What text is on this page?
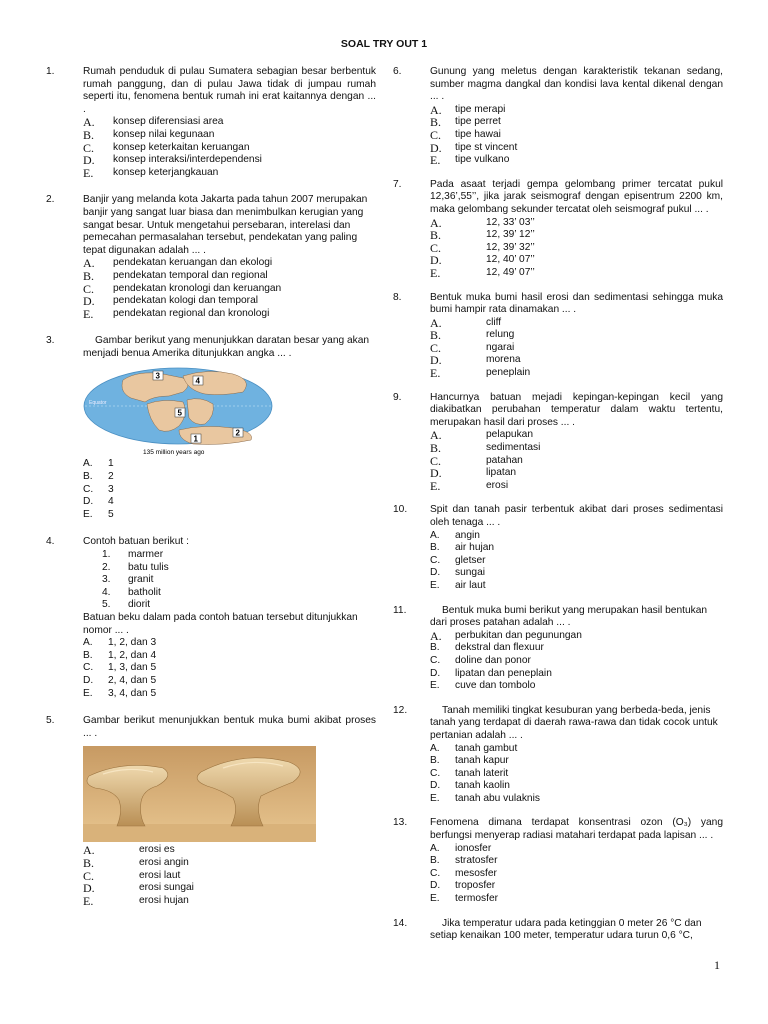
SOAL TRY OUT 1
1.	Rumah penduduk di pulau Sumatera sebagian besar berbentuk rumah panggung, dan di pulau Jawa tidak di jumpau rumah seperti itu, fenomena bentuk rumah ini erat kaitannya dengan ... .
A.	konsep diferensiasi area
B.	konsep nilai kegunaan
C.	konsep keterkaitan keruangan
D.	konsep interaksi/interdependensi
E.	konsep keterjangkauan
2.	Banjir yang melanda kota Jakarta pada tahun 2007 merupakan banjir yang sangat luar biasa dan menimbulkan kerugian yang sangat besar. Untuk mengetahui persebaran, interelasi dan pemecahan permasalahan tersebut, pendekatan yang paling tepat digunakan adalah ... .
A.	pendekatan keruangan dan ekologi
B.	pendekatan temporal dan regional
C.	pendekatan kronologi dan keruangan
D.	pendekatan kologi dan temporal
E.	pendekatan regional dan kronologi
3.	Gambar berikut yang menunjukkan daratan besar yang akan menjadi benua Amerika ditunjukkan angka ... .
Equator
3
4
5
2
1
135 million years ago
A.	1
B.	2
C.	3
D.	4
E.	5
4.	Contoh batuan berikut :
1.	marmer
2.	batu tulis
3.	granit
4.	batholit
5.	diorit
Batuan beku dalam pada contoh batuan tersebut ditunjukkan nomor ... .
A.	1, 2, dan 3
B.	1, 2, dan 4
C.	1, 3, dan 5
D.	2, 4, dan 5
E.	3, 4, dan 5
5.	Gambar berikut menunjukkan bentuk muka bumi akibat proses ... .
A.	erosi es
B.	erosi angin
C.	erosi laut
D.	erosi sungai
E.	erosi hujan
6.	Gunung yang meletus dengan karakteristik tekanan sedang, sumber magma dangkal dan kondisi lava kental dikenal dengan ... .
A.	tipe merapi
B.	tipe perret
C.	tipe hawai
D.	tipe st vincent
E.	tipe vulkano
7.	Pada asaat terjadi gempa gelombang primer tercatat pukul 12,36’,55’’, jika jarak seismograf dengan episentrum 2200 km, maka gelombang sekunder tercatat oleh seismograf pukul ... .
A.	12, 33’ 03’’
B.	12, 39’ 12’’
C.	12, 39’ 32’’
D.	12, 40’ 07’’
E.	12, 49’ 07’’
8.	Bentuk muka bumi hasil erosi dan sedimentasi sehingga muka bumi hampir rata dinamakan ... .
A.	cliff
B.	relung
C.	ngarai
D.	morena
E.	peneplain
9.	Hancurnya batuan mejadi kepingan-kepingan kecil yang diakibatkan perubahan temperatur dalam waktu tertentu, merupakan hasil dari proses ... .
A.	pelapukan
B.	sedimentasi
C.	patahan
D.	lipatan
E.	erosi
10. Spit dan tanah pasir terbentuk akibat dari proses sedimentasi oleh tenaga ... .
A.	angin
B.	air hujan
C.	gletser
D.	sungai
E.	air laut
11.	Bentuk muka bumi berikut yang merupakan hasil bentukan dari proses patahan adalah ... .
A.	perbukitan dan pegunungan
B.	dekstral dan flexuur
C.	doline dan ponor
D.	lipatan dan peneplain
E.	cuve dan tombolo
12.	Tanah memiliki tingkat kesuburan yang berbeda-beda, jenis tanah yang terdapat di daerah rawa-rawa dan tidak cocok untuk pertanian adalah ... .
A.	tanah gambut
B.	tanah kapur
C.	tanah laterit
D.	tanah kaolin
E.	tanah abu vulaknis
13. Fenomena dimana terdapat konsentrasi ozon (O₃) yang berfungsi menyerap radiasi matahari terdapat pada lapisan ... .
A.	ionosfer
B.	stratosfer
C.	mesosfer
D.	troposfer
E.	termosfer
14.	Jika temperatur udara pada ketinggian 0 meter 26 °C dan setiap kenaikan 100 meter, temperatur udara turun 0,6 °C,
1
